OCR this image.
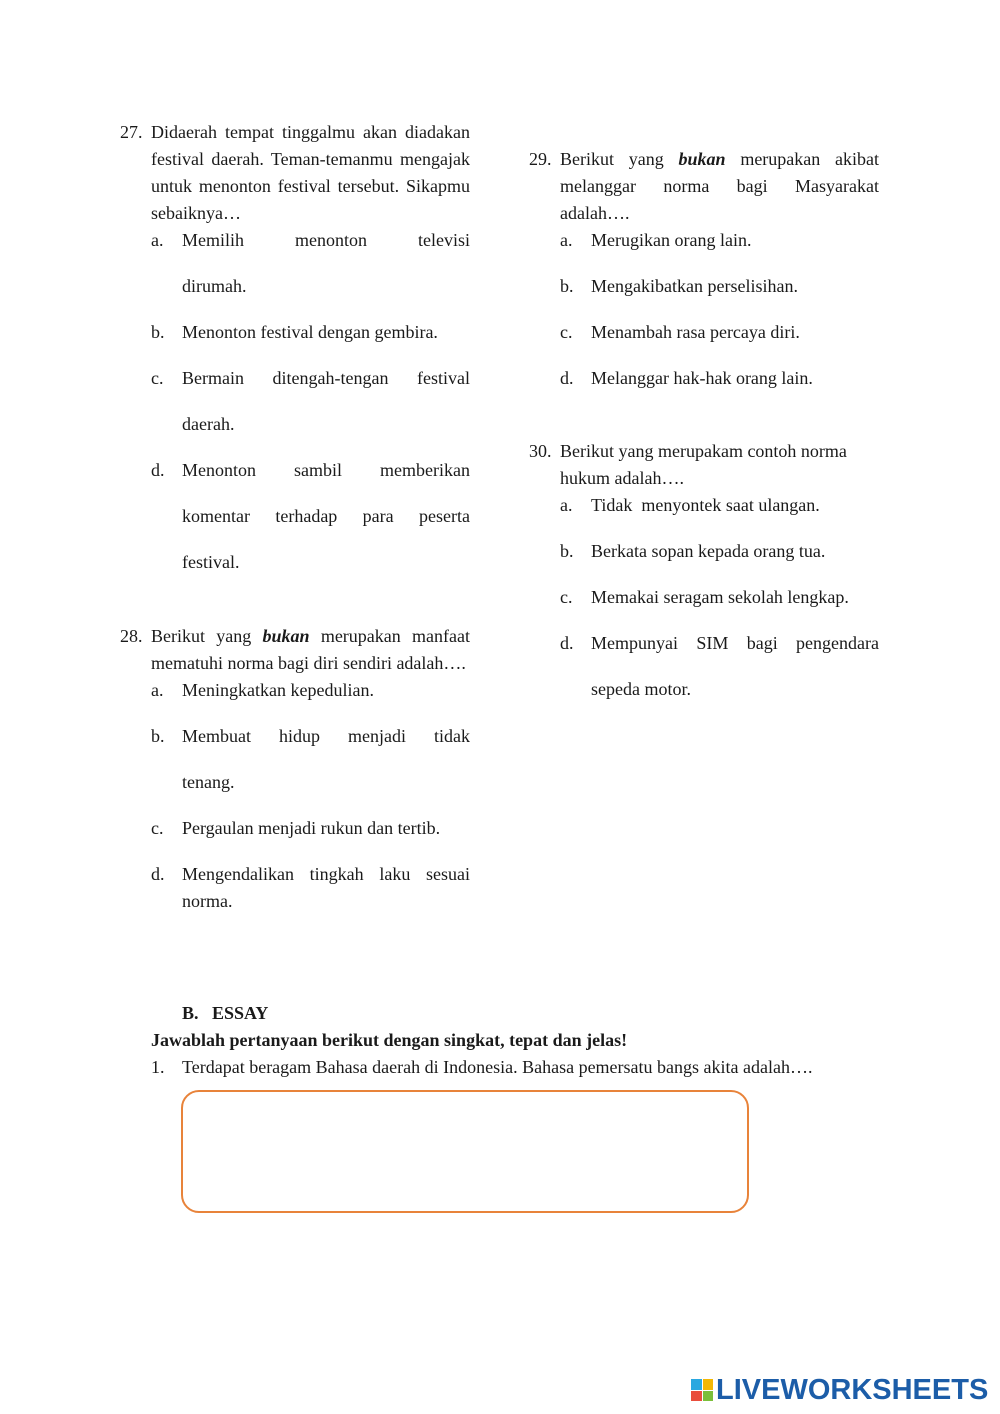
27. Didaerah tempat tinggalmu akan diadakan festival daerah. Teman-temanmu mengajak untuk menonton festival tersebut. Sikapmu sebaiknya…
a. Memilih menonton televisi
dirumah.
b. Menonton festival dengan gembira.
c. Bermain ditengah-tengan festival
daerah.
d. Menonton sambil memberikan
komentar terhadap para peserta
festival.
28. Berikut yang bukan merupakan manfaat mematuhi norma bagi diri sendiri adalah….
a. Meningkatkan kepedulian.
b. Membuat hidup menjadi tidak
tenang.
c. Pergaulan menjadi rukun dan tertib.
d. Mengendalikan tingkah laku sesuai norma.
29. Berikut yang bukan merupakan akibat melanggar norma bagi Masyarakat adalah….
a. Merugikan orang lain.
b. Mengakibatkan perselisihan.
c. Menambah rasa percaya diri.
d. Melanggar hak-hak orang lain.
30. Berikut yang merupakam contoh norma hukum adalah….
a. Tidak  menyontek saat ulangan.
b. Berkata sopan kepada orang tua.
c. Memakai seragam sekolah lengkap.
d. Mempunyai SIM bagi pengendara
sepeda motor.
B. ESSAY
Jawablah pertanyaan berikut dengan singkat, tepat dan jelas!
1. Terdapat beragam Bahasa daerah di Indonesia. Bahasa pemersatu bangs akita adalah….
LIVEWORKSHEETS
